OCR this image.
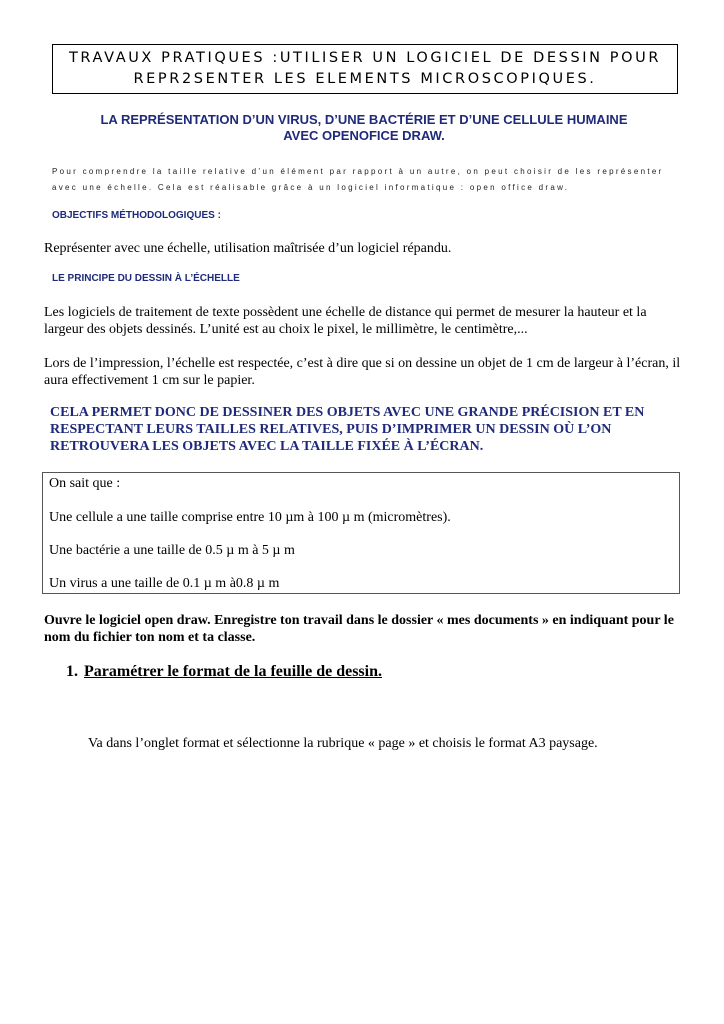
TRAVAUX PRATIQUES :UTILISER UN LOGICIEL DE DESSIN POUR
REPR2SENTER LES ELEMENTS MICROSCOPIQUES.
LA REPRÉSENTATION D’UN VIRUS, D’UNE BACTÉRIE ET D’UNE CELLULE HUMAINE
AVEC OPENOFICE DRAW.
Pour comprendre la taille relative d’un élément par rapport à un autre, on peut choisir de les représenter
avec une échelle. Cela est réalisable grâce à un logiciel informatique : open office draw.
OBJECTIFS MÉTHODOLOGIQUES :
Représenter avec une échelle, utilisation maîtrisée d’un logiciel répandu.
LE PRINCIPE DU DESSIN À L’ÉCHELLE
Les logiciels de traitement de texte possèdent une échelle de distance qui permet de mesurer la hauteur et la largeur des objets dessinés. L’unité est au choix le pixel, le millimètre, le centimètre,...
Lors de l’impression, l’échelle est respectée, c’est à dire que si on dessine un objet de 1 cm de largeur à l’écran, il aura effectivement 1 cm sur le papier.
CELA PERMET DONC DE DESSINER DES OBJETS AVEC UNE GRANDE PRÉCISION ET EN
RESPECTANT LEURS TAILLES RELATIVES, PUIS D’IMPRIMER UN DESSIN OÙ L’ON
RETROUVERA LES OBJETS AVEC LA TAILLE FIXÉE À L’ÉCRAN.
On sait que :
Une cellule a une taille comprise entre 10 µm à 100 µ m (micromètres).
Une bactérie a une taille de 0.5 µ m à 5 µ m
Un virus a une taille de 0.1 µ m à0.8 µ m
Ouvre le logiciel open draw. Enregistre ton travail dans le dossier « mes documents » en indiquant pour le nom du fichier ton nom et ta classe.
1. Paramétrer le format de la feuille de dessin.
Va dans l’onglet format et sélectionne la rubrique « page » et choisis le format A3 paysage.
